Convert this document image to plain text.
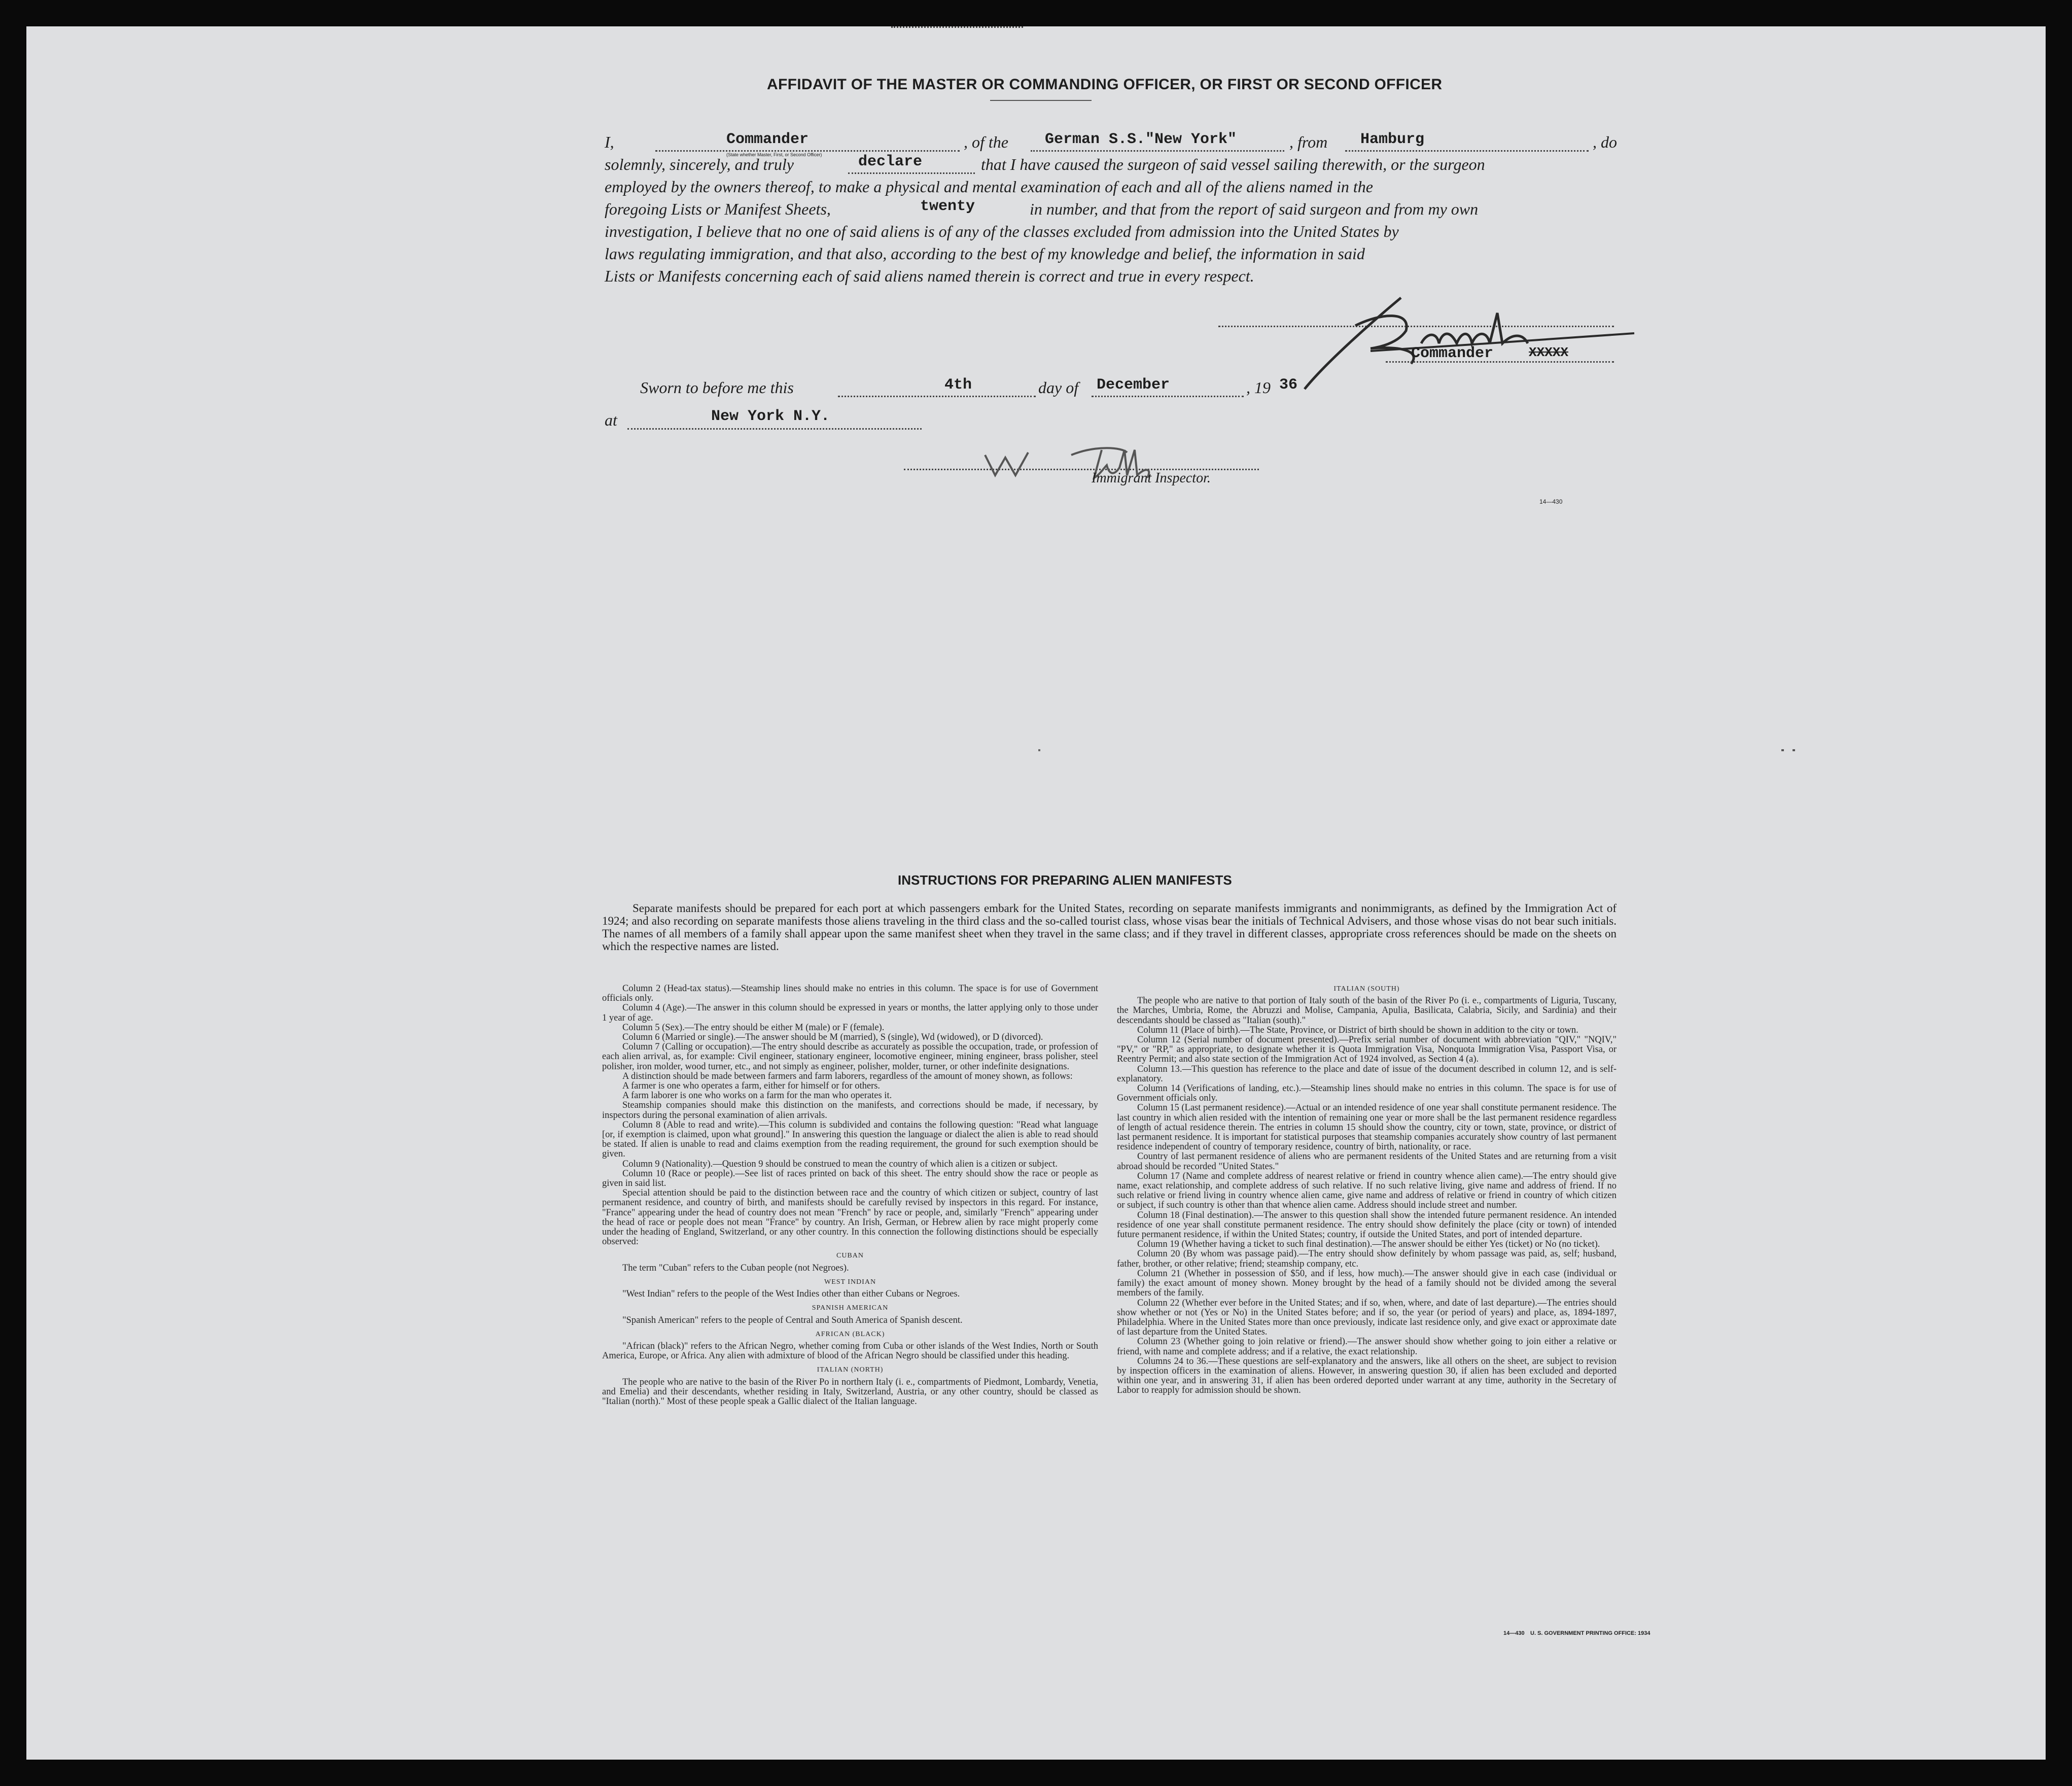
AFFIDAVIT OF THE MASTER OR COMMANDING OFFICER, OR FIRST OR SECOND OFFICER
I,	Commander
(State whether Master, First, or Second Officer)
, of the German S.S."New York"	, from Hamburg	, do
solemnly, sincerely, and truly	declare	that I have caused the surgeon of said vessel sailing therewith, or the surgeon
employed by the owners thereof, to make a physical and mental examination of each and all of the aliens named in the
foregoing Lists or Manifest Sheets,	twenty	in number, and that from the report of said surgeon and from my own
investigation, I believe that no one of said aliens is of any of the classes excluded from admission into the United States by
laws regulating immigration, and that also, according to the best of my knowledge and belief, the information in said
Lists or Manifests concerning each of said aliens named therein is correct and true in every respect.
Commander	XXXXX
Sworn to before me this	4th	day of December	, 19 36
at	New York N.Y.
Immigrant Inspector.
14—430
INSTRUCTIONS FOR PREPARING ALIEN MANIFESTS

Separate manifests should be prepared for each port at which passengers embark for the United States, recording on separate manifests immigrants and nonimmigrants, as defined by the Immigration Act of 1924; and also recording on separate manifests those aliens traveling in the third class and the so-called tourist class, whose visas bear the initials of Technical Advisers, and those whose visas do not bear such initials. The names of all members of a family shall appear upon the same manifest sheet when they travel in the same class; and if they travel in different classes, appropriate cross references should be made on the sheets on which the respective names are listed.

Column 2 (Head-tax status).—Steamship lines should make no entries in this column. The space is for use of Government officials only.

Column 4 (Age).—The answer in this column should be expressed in years or months, the latter applying only to those under 1 year of age.

Column 5 (Sex).—The entry should be either M (male) or F (female).

Column 6 (Married or single).—The answer should be M (married), S (single), Wd (widowed), or D (divorced).

Column 7 (Calling or occupation).—The entry should describe as accurately as possible the occupation, trade, or profession of each alien arrival, as, for example: Civil engineer, stationary engineer, locomotive engineer, mining engineer, brass polisher, steel polisher, iron molder, wood turner, etc., and not simply as engineer, polisher, molder, turner, or other indefinite designations.

A distinction should be made between farmers and farm laborers, regardless of the amount of money shown, as follows:

A farmer is one who operates a farm, either for himself or for others.

A farm laborer is one who works on a farm for the man who operates it.

Steamship companies should make this distinction on the manifests, and corrections should be made, if necessary, by inspectors during the personal examination of alien arrivals.

Column 8 (Able to read and write).—This column is subdivided and contains the following question: "Read what language [or, if exemption is claimed, upon what ground]." In answering this question the language or dialect the alien is able to read should be stated. If alien is unable to read and claims exemption from the reading requirement, the ground for such exemption should be given.

Column 9 (Nationality).—Question 9 should be construed to mean the country of which alien is a citizen or subject.

Column 10 (Race or people).—See list of races printed on back of this sheet. The entry should show the race or people as given in said list.

Special attention should be paid to the distinction between race and the country of which citizen or subject, country of last permanent residence, and country of birth, and manifests should be carefully revised by inspectors in this regard. For instance, "France" appearing under the head of country does not mean "French" by race or people, and, similarly "French" appearing under the head of race or people does not mean "France" by country. An Irish, German, or Hebrew alien by race might properly come under the heading of England, Switzerland, or any other country. In this connection the following distinctions should be especially observed:

CUBAN

The term "Cuban" refers to the Cuban people (not Negroes).

WEST INDIAN

"West Indian" refers to the people of the West Indies other than either Cubans or Negroes.

SPANISH AMERICAN

"Spanish American" refers to the people of Central and South America of Spanish descent.

AFRICAN (BLACK)

"African (black)" refers to the African Negro, whether coming from Cuba or other islands of the West Indies, North or South America, Europe, or Africa. Any alien with admixture of blood of the African Negro should be classified under this heading.

ITALIAN (NORTH)

The people who are native to the basin of the River Po in northern Italy (i. e., compartments of Piedmont, Lombardy, Venetia, and Emelia) and their descendants, whether residing in Italy, Switzerland, Austria, or any other country, should be classed as "Italian (north)." Most of these people speak a Gallic dialect of the Italian language.

ITALIAN (SOUTH)

The people who are native to that portion of Italy south of the basin of the River Po (i. e., compartments of Liguria, Tuscany, the Marches, Umbria, Rome, the Abruzzi and Molise, Campania, Apulia, Basilicata, Calabria, Sicily, and Sardinia) and their descendants should be classed as "Italian (south)."

Column 11 (Place of birth).—The State, Province, or District of birth should be shown in addition to the city or town.

Column 12 (Serial number of document presented).—Prefix serial number of document with abbreviation "QIV," "NQIV," "PV," or "RP," as appropriate, to designate whether it is Quota Immigration Visa, Nonquota Immigration Visa, Passport Visa, or Reentry Permit; and also state section of the Immigration Act of 1924 involved, as Section 4 (a).

Column 13.—This question has reference to the place and date of issue of the document described in column 12, and is self-explanatory.

Column 14 (Verifications of landing, etc.).—Steamship lines should make no entries in this column. The space is for use of Government officials only.

Column 15 (Last permanent residence).—Actual or an intended residence of one year shall constitute permanent residence. The last country in which alien resided with the intention of remaining one year or more shall be the last permanent residence regardless of length of actual residence therein. The entries in column 15 should show the country, city or town, state, province, or district of last permanent residence. It is important for statistical purposes that steamship companies accurately show country of last permanent residence independent of country of temporary residence, country of birth, nationality, or race.

Country of last permanent residence of aliens who are permanent residents of the United States and are returning from a visit abroad should be recorded "United States."

Column 17 (Name and complete address of nearest relative or friend in country whence alien came).—The entry should give name, exact relationship, and complete address of such relative. If no such relative living, give name and address of friend. If no such relative or friend living in country whence alien came, give name and address of relative or friend in country of which citizen or subject, if such country is other than that whence alien came. Address should include street and number.

Column 18 (Final destination).—The answer to this question shall show the intended future permanent residence. An intended residence of one year shall constitute permanent residence. The entry should show definitely the place (city or town) of intended future permanent residence, if within the United States; country, if outside the United States, and port of intended departure.

Column 19 (Whether having a ticket to such final destination).—The answer should be either Yes (ticket) or No (no ticket).

Column 20 (By whom was passage paid).—The entry should show definitely by whom passage was paid, as, self; husband, father, brother, or other relative; friend; steamship company, etc.

Column 21 (Whether in possession of $50, and if less, how much).—The answer should give in each case (individual or family) the exact amount of money shown. Money brought by the head of a family should not be divided among the several members of the family.

Column 22 (Whether ever before in the United States; and if so, when, where, and date of last departure).—The entries should show whether or not (Yes or No) in the United States before; and if so, the year (or period of years) and place, as, 1894-1897, Philadelphia. Where in the United States more than once previously, indicate last residence only, and give exact or approximate date of last departure from the United States.

Column 23 (Whether going to join relative or friend).—The answer should show whether going to join either a relative or friend, with name and complete address; and if a relative, the exact relationship.

Columns 24 to 36.—These questions are self-explanatory and the answers, like all others on the sheet, are subject to revision by inspection officers in the examination of aliens. However, in answering question 30, if alien has been excluded and deported within one year, and in answering 31, if alien has been ordered deported under warrant at any time, authority in the Secretary of Labor to reapply for admission should be shown.

14—430 U. S. GOVERNMENT PRINTING OFFICE: 1934
